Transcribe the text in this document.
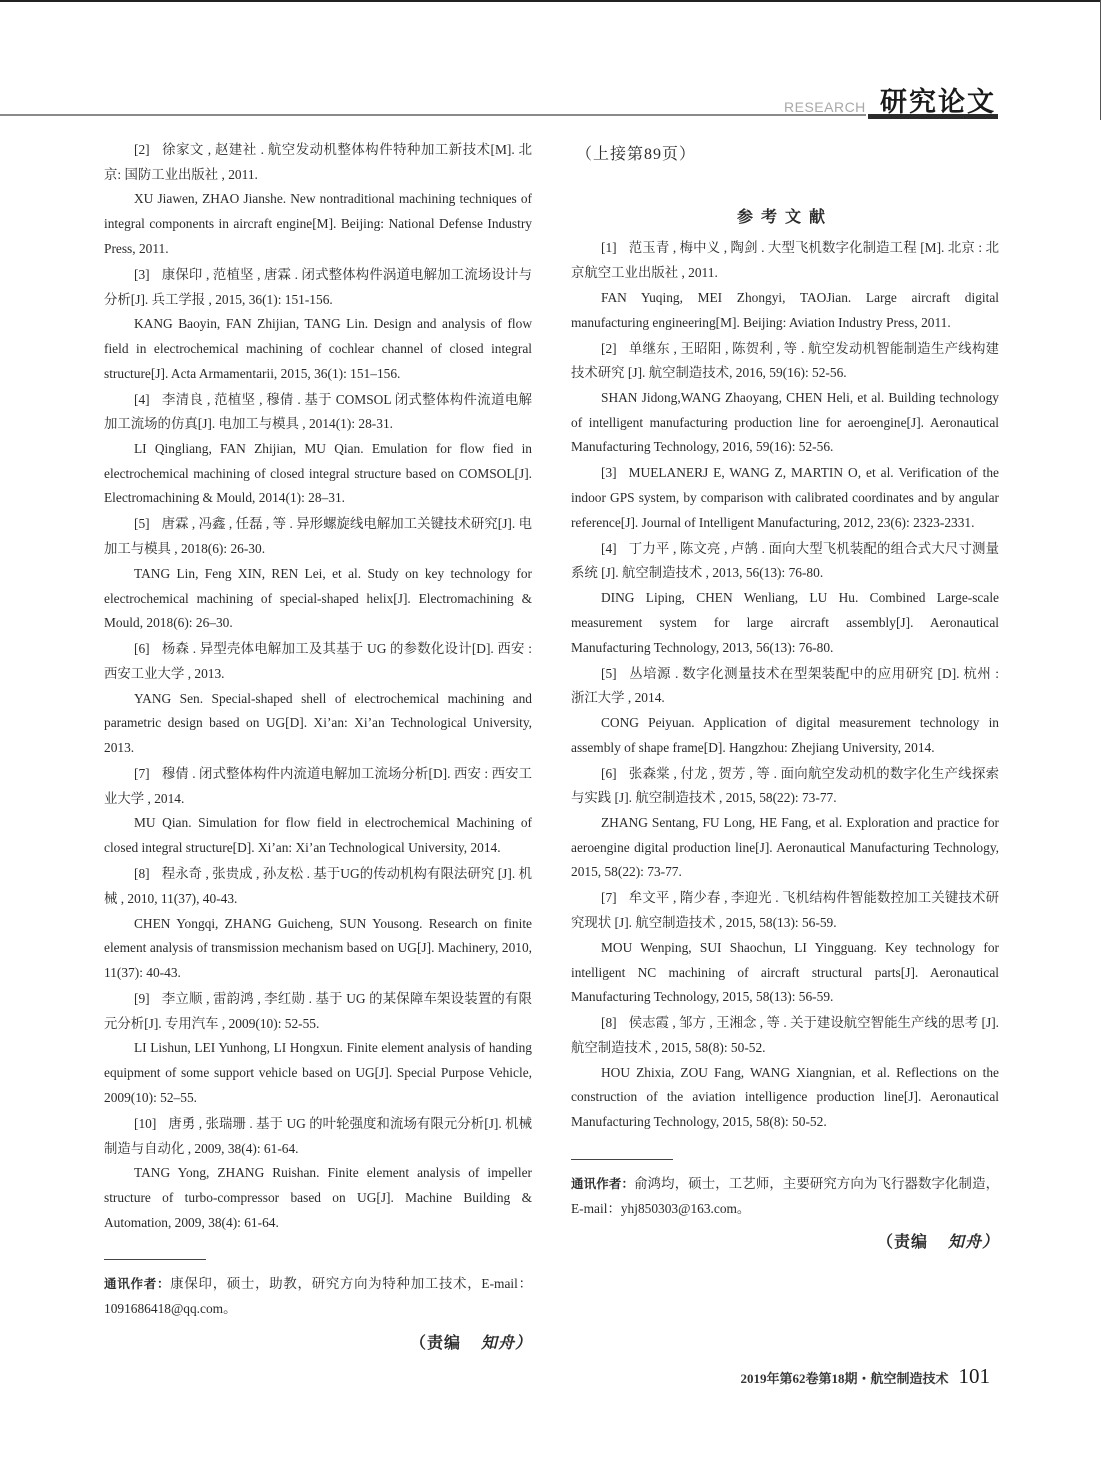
RESEARCH 研究论文

[2] 徐家文 , 赵建社 . 航空发动机整体构件特种加工新技术[M]. 北京: 国防工业出版社 , 2011.

XU Jiawen, ZHAO Jianshe. New nontraditional machining techniques of integral components in aircraft engine[M]. Beijing: National Defense Industry Press, 2011.

[3] 康保印 , 范植坚 , 唐霖 . 闭式整体构件涡道电解加工流场设计与分析[J]. 兵工学报 , 2015, 36(1): 151-156.

KANG Baoyin, FAN Zhijian, TANG Lin. Design and analysis of flow field in electrochemical machining of cochlear channel of closed integral structure[J]. Acta Armamentarii, 2015, 36(1): 151–156.

[4] 李清良 , 范植坚 , 穆倩 . 基于 COMSOL 闭式整体构件流道电解加工流场的仿真[J]. 电加工与模具 , 2014(1): 28-31.

LI Qingliang, FAN Zhijian, MU Qian. Emulation for flow fied in electrochemical machining of closed integral structure based on COMSOL[J]. Electromachining & Mould, 2014(1): 28–31.

[5] 唐霖 , 冯鑫 , 任磊 , 等 . 异形螺旋线电解加工关键技术研究[J]. 电加工与模具 , 2018(6): 26-30.

TANG Lin, Feng XIN, REN Lei, et al. Study on key technology for electrochemical machining of special-shaped helix[J]. Electromachining & Mould, 2018(6): 26–30.

[6] 杨森 . 异型壳体电解加工及其基于 UG 的参数化设计[D]. 西安 : 西安工业大学 , 2013.

YANG Sen. Special-shaped shell of electrochemical machining and parametric design based on UG[D]. Xi’an: Xi’an Technological University, 2013.

[7] 穆倩 . 闭式整体构件内流道电解加工流场分析[D]. 西安 : 西安工业大学 , 2014.

MU Qian. Simulation for flow field in electrochemical Machining of closed integral structure[D]. Xi’an: Xi’an Technological University, 2014.

[8] 程永奇 , 张贵成 , 孙友松 . 基于UG的传动机构有限法研究 [J]. 机械 , 2010, 11(37), 40-43.

CHEN Yongqi, ZHANG Guicheng, SUN Yousong. Research on finite element analysis of transmission mechanism based on UG[J]. Machinery, 2010, 11(37): 40-43.

[9] 李立顺 , 雷韵鸿 , 李红勋 . 基于 UG 的某保障车架设装置的有限元分析[J]. 专用汽车 , 2009(10): 52-55.

LI Lishun, LEI Yunhong, LI Hongxun. Finite element analysis of handing equipment of some support vehicle based on UG[J]. Special Purpose Vehicle, 2009(10): 52–55.

[10] 唐勇 , 张瑞珊 . 基于 UG 的叶轮强度和流场有限元分析[J]. 机械制造与自动化 , 2009, 38(4): 61-64.

TANG Yong, ZHANG Ruishan. Finite element analysis of impeller structure of turbo-compressor based on UG[J]. Machine Building & Automation, 2009, 38(4): 61-64.

通讯作者：康保印，硕士，助教，研究方向为特种加工技术，E-mail：1091686418@qq.com。
（责编 知舟）
（上接第89页）
参考文献

[1] 范玉青 , 梅中义 , 陶剑 . 大型飞机数字化制造工程 [M]. 北京 : 北京航空工业出版社 , 2011.

FAN Yuqing, MEI Zhongyi, TAOJian. Large aircraft digital manufacturing engineering[M]. Beijing: Aviation Industry Press, 2011.

[2] 单继东 , 王昭阳 , 陈贺利 , 等 . 航空发动机智能制造生产线构建技术研究 [J]. 航空制造技术, 2016, 59(16): 52-56.

SHAN Jidong,WANG Zhaoyang, CHEN Heli, et al. Building technology of intelligent manufacturing production line for aeroengine[J]. Aeronautical Manufacturing Technology, 2016, 59(16): 52-56.

[3] MUELANERJ E, WANG Z, MARTIN O, et al. Verification of the indoor GPS system, by comparison with calibrated coordinates and by angular reference[J]. Journal of Intelligent Manufacturing, 2012, 23(6): 2323-2331.

[4] 丁力平 , 陈文亮 , 卢鹄 . 面向大型飞机装配的组合式大尺寸测量系统 [J]. 航空制造技术 , 2013, 56(13): 76-80.

DING Liping, CHEN Wenliang, LU Hu. Combined Large-scale measurement system for large aircraft assembly[J]. Aeronautical Manufacturing Technology, 2013, 56(13): 76-80.

[5] 丛培源 . 数字化测量技术在型架装配中的应用研究 [D]. 杭州 : 浙江大学 , 2014.

CONG Peiyuan. Application of digital measurement technology in assembly of shape frame[D]. Hangzhou: Zhejiang University, 2014.

[6] 张森棠 , 付龙 , 贺芳 , 等 . 面向航空发动机的数字化生产线探索与实践 [J]. 航空制造技术 , 2015, 58(22): 73-77.

ZHANG Sentang, FU Long, HE Fang, et al. Exploration and practice for aeroengine digital production line[J]. Aeronautical Manufacturing Technology, 2015, 58(22): 73-77.

[7] 牟文平 , 隋少春 , 李迎光 . 飞机结构件智能数控加工关键技术研究现状 [J]. 航空制造技术 , 2015, 58(13): 56-59.

MOU Wenping, SUI Shaochun, LI Yingguang. Key technology for intelligent NC machining of aircraft structural parts[J]. Aeronautical Manufacturing Technology, 2015, 58(13): 56-59.

[8] 侯志霞 , 邹方 , 王湘念 , 等 . 关于建设航空智能生产线的思考 [J]. 航空制造技术 , 2015, 58(8): 50-52.

HOU Zhixia, ZOU Fang, WANG Xiangnian, et al. Reflections on the construction of the aviation intelligence production line[J]. Aeronautical Manufacturing Technology, 2015, 58(8): 50-52.

通讯作者：俞鸿均，硕士，工艺师，主要研究方向为飞行器数字化制造，E-mail：yhj850303@163.com。
（责编 知舟）
2019年第62卷第18期・航空制造技术 101
